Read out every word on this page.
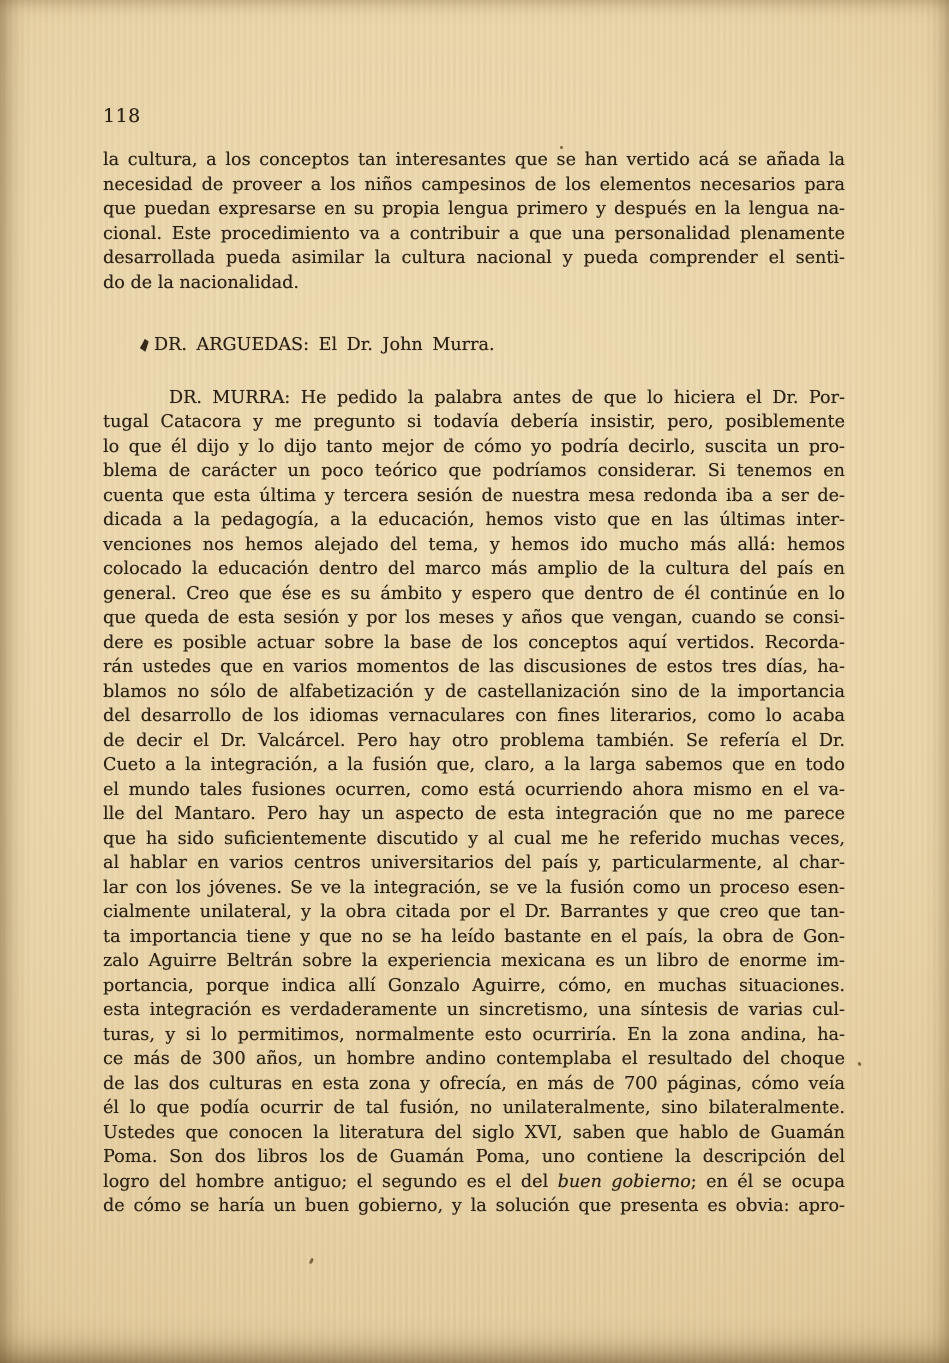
118
la cultura, a los conceptos tan interesantes que se han vertido acá se añada la
necesidad de proveer a los niños campesinos de los elementos necesarios para
que puedan expresarse en su propia lengua primero y después en la lengua na-
cional. Este procedimiento va a contribuir a que una personalidad plenamente
desarrollada pueda asimilar la cultura nacional y pueda comprender el senti-
do de la nacionalidad.
DR. ARGUEDAS: El Dr. John Murra.
DR. MURRA: He pedido la palabra antes de que lo hiciera el Dr. Por-
tugal Catacora y me pregunto si todavía debería insistir, pero, posiblemente
lo que él dijo y lo dijo tanto mejor de cómo yo podría decirlo, suscita un pro-
blema de carácter un poco teórico que podríamos considerar. Si tenemos en
cuenta que esta última y tercera sesión de nuestra mesa redonda iba a ser de-
dicada a la pedagogía, a la educación, hemos visto que en las últimas inter-
venciones nos hemos alejado del tema, y hemos ido mucho más allá: hemos
colocado la educación dentro del marco más amplio de la cultura del país en
general. Creo que ése es su ámbito y espero que dentro de él continúe en lo
que queda de esta sesión y por los meses y años que vengan, cuando se consi-
dere es posible actuar sobre la base de los conceptos aquí vertidos. Recorda-
rán ustedes que en varios momentos de las discusiones de estos tres días, ha-
blamos no sólo de alfabetización y de castellanización sino de la importancia
del desarrollo de los idiomas vernaculares con fines literarios, como lo acaba
de decir el Dr. Valcárcel. Pero hay otro problema también. Se refería el Dr.
Cueto a la integración, a la fusión que, claro, a la larga sabemos que en todo
el mundo tales fusiones ocurren, como está ocurriendo ahora mismo en el va-
lle del Mantaro. Pero hay un aspecto de esta integración que no me parece
que ha sido suficientemente discutido y al cual me he referido muchas veces,
al hablar en varios centros universitarios del país y, particularmente, al char-
lar con los jóvenes. Se ve la integración, se ve la fusión como un proceso esen-
cialmente unilateral, y la obra citada por el Dr. Barrantes y que creo que tan-
ta importancia tiene y que no se ha leído bastante en el país, la obra de Gon-
zalo Aguirre Beltrán sobre la experiencia mexicana es un libro de enorme im-
portancia, porque indica allí Gonzalo Aguirre, cómo, en muchas situaciones.
esta integración es verdaderamente un sincretismo, una síntesis de varias cul-
turas, y si lo permitimos, normalmente esto ocurriría. En la zona andina, ha-
ce más de 300 años, un hombre andino contemplaba el resultado del choque
de las dos culturas en esta zona y ofrecía, en más de 700 páginas, cómo veía
él lo que podía ocurrir de tal fusión, no unilateralmente, sino bilateralmente.
Ustedes que conocen la literatura del siglo XVI, saben que hablo de Guamán
Poma. Son dos libros los de Guamán Poma, uno contiene la descripción del
logro del hombre antiguo; el segundo es el del buen gobierno; en él se ocupa
de cómo se haría un buen gobierno, y la solución que presenta es obvia: apro-
